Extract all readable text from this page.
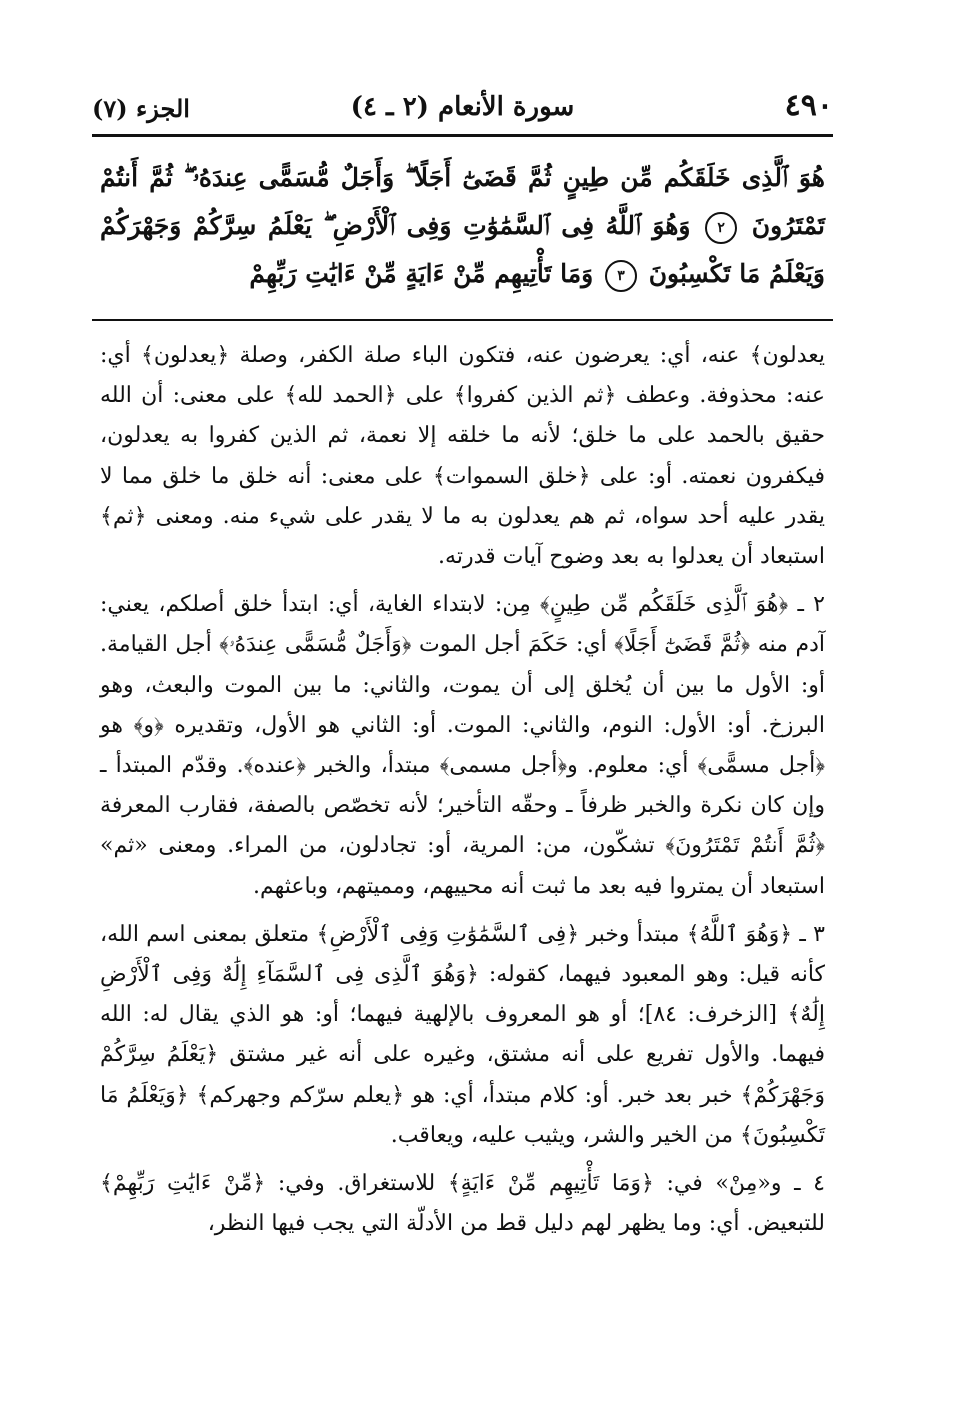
٤٩٠
سورة الأنعام (٢ ـ ٤)
الجزء (٧)
هُوَ ٱلَّذِى خَلَقَكُم مِّن طِينٍ ثُمَّ قَضَىٰٓ أَجَلًا ۖ وَأَجَلٌ مُّسَمًّى عِندَهُۥ ۖ ثُمَّ أَنتُمْ تَمْتَرُونَ ٢ وَهُوَ ٱللَّهُ فِى ٱلسَّمَٰوَٰتِ وَفِى ٱلْأَرْضِ ۖ يَعْلَمُ سِرَّكُمْ وَجَهْرَكُمْ وَيَعْلَمُ مَا تَكْسِبُونَ ٣ وَمَا تَأْتِيهِم مِّنْ ءَايَةٍ مِّنْ ءَايَٰتِ رَبِّهِمْ

يعدلون﴾ عنه، أي: يعرضون عنه، فتكون الباء صلة الكفر، وصلة ﴿يعدلون﴾ أي: عنه: محذوفة. وعطف ﴿ثم الذين كفروا﴾ على ﴿الحمد لله﴾ على معنى: أن الله حقيق بالحمد على ما خلق؛ لأنه ما خلقه إلا نعمة، ثم الذين كفروا به يعدلون، فيكفرون نعمته. أو: على ﴿خلق السموات﴾ على معنى: أنه خلق ما خلق مما لا يقدر عليه أحد سواه، ثم هم يعدلون به ما لا يقدر على شيء منه. ومعنى ﴿ثم﴾ استبعاد أن يعدلوا به بعد وضوح آيات قدرته.

٢ ـ ﴿هُوَ ٱلَّذِى خَلَقَكُم مِّن طِينٍ﴾ مِن: لابتداء الغاية، أي: ابتدأ خلق أصلكم، يعني: آدم منه ﴿ثُمَّ قَضَىٰٓ أَجَلًا﴾ أي: حَكَمَ أجل الموت ﴿وَأَجَلٌ مُّسَمًّى عِندَهُۥ﴾ أجل القيامة. أو: الأول ما بين أن يُخلق إلى أن يموت، والثاني: ما بين الموت والبعث، وهو البرزخ. أو: الأول: النوم، والثاني: الموت. أو: الثاني هو الأول، وتقديره ﴿و﴾ هو ﴿أجل مسمًّى﴾ أي: معلوم. و﴿أجل مسمى﴾ مبتدأ، والخبر ﴿عنده﴾. وقدّم المبتدأ ـ وإن كان نكرة والخبر ظرفاً ـ وحقّه التأخير؛ لأنه تخصّص بالصفة، فقارب المعرفة ﴿ثُمَّ أَنتُمْ تَمْتَرُونَ﴾ تشكّون، من: المرية، أو: تجادلون، من المراء. ومعنى «ثم» استبعاد أن يمتروا فيه بعد ما ثبت أنه محييهم، ومميتهم، وباعثهم.

٣ ـ ﴿وَهُوَ ٱللَّهُ﴾ مبتدأ وخبر ﴿فِى ٱلسَّمَٰوَٰتِ وَفِى ٱلْأَرْضِ﴾ متعلق بمعنى اسم الله، كأنه قيل: وهو المعبود فيهما، كقوله: ﴿وَهُوَ ٱلَّذِى فِى ٱلسَّمَآءِ إِلَٰهٌ وَفِى ٱلْأَرْضِ إِلَٰهٌ﴾ [الزخرف: ٨٤]؛ أو هو المعروف بالإلهية فيهما؛ أو: هو الذي يقال له: الله فيهما. والأول تفريع على أنه مشتق، وغيره على أنه غير مشتق ﴿يَعْلَمُ سِرَّكُمْ وَجَهْرَكُمْ﴾ خبر بعد خبر. أو: كلام مبتدأ، أي: هو ﴿يعلم سرّكم وجهركم﴾ ﴿وَيَعْلَمُ مَا تَكْسِبُونَ﴾ من الخير والشر، ويثيب عليه، ويعاقب.

٤ ـ و«مِنْ» في: ﴿وَمَا تَأْتِيهِم مِّنْ ءَايَةٍ﴾ للاستغراق. وفي: ﴿مِّنْ ءَايَٰتِ رَبِّهِمْ﴾ للتبعيض. أي: وما يظهر لهم دليل قط من الأدلّة التي يجب فيها النظر،
